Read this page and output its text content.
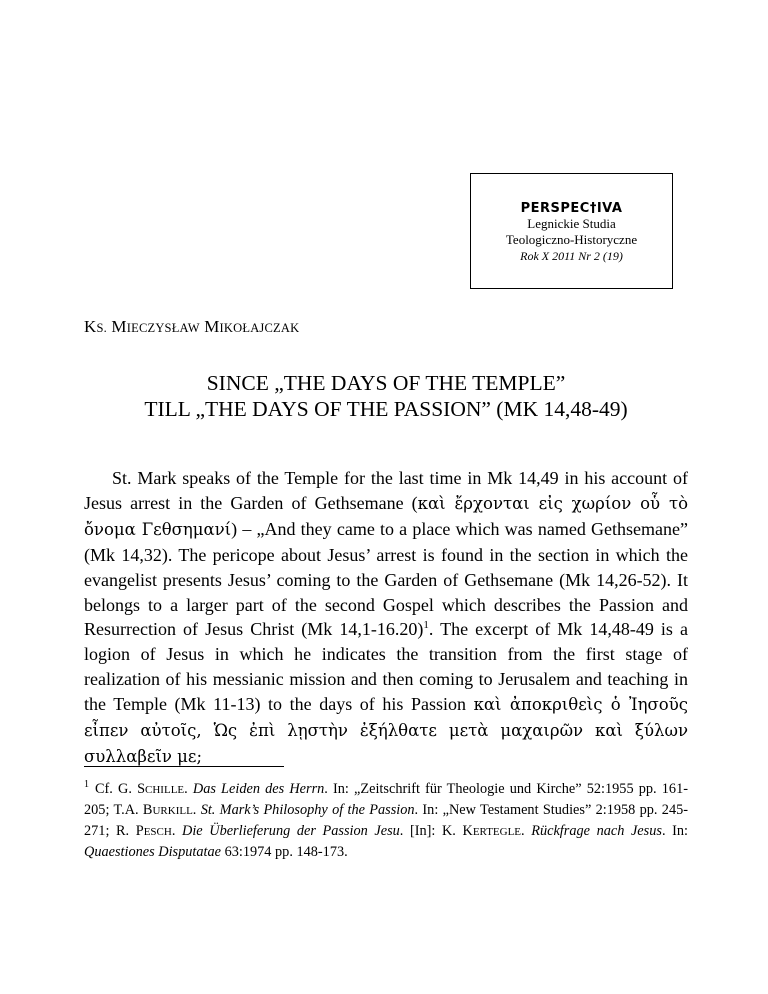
PERSPEC†IVA
Legnickie Studia
Teologiczno-Historyczne
Rok X 2011 Nr 2 (19)
KS. MIECZYSŁAW MIKOŁAJCZAK
SINCE „THE DAYS OF THE TEMPLE”
TILL „THE DAYS OF THE PASSION” (MK 14,48-49)

St. Mark speaks of the Temple for the last time in Mk 14,49 in his account of Jesus arrest in the Garden of Gethsemane (καὶ ἔρχονται εἰς χωρίον οὗ τὸ ὄνομα Γεθσημανί) – „And they came to a place which was named Gethsemane” (Mk 14,32). The pericope about Jesus’ arrest is found in the section in which the evangelist presents Jesus’ coming to the Garden of Gethsemane (Mk 14,26-52). It belongs to a larger part of the second Gospel which describes the Passion and Resurrection of Jesus Christ (Mk 14,1-16.20)$^1$. The excerpt of Mk 14,48-49 is a logion of Jesus in which he indicates the transition from the first stage of realization of his messianic mission and then coming to Jerusalem and teaching in the Temple (Mk 11-13) to the days of his Passion καὶ ἀποκριθεὶς ὁ Ἰησοῦς εἶπεν αὐτοῖς, Ὡς ἐπὶ λῃστὴν ἐξήλθατε μετὰ μαχαιρῶν καὶ ξύλων συλλαβεῖν με;

$^1$ Cf. G. SCHILLE. Das Leiden des Herrn. In: „Zeitschrift für Theologie und Kirche” 52:1955 pp. 161-205; T.A. BURKILL. St. Mark’s Philosophy of the Passion. In: „New Testament Studies” 2:1958 pp. 245-271; R. PESCH. Die Überlieferung der Passion Jesu. [In]: K. KERTEGLE. Rückfrage nach Jesus. In: Quaestiones Disputatae 63:1974 pp. 148-173.
